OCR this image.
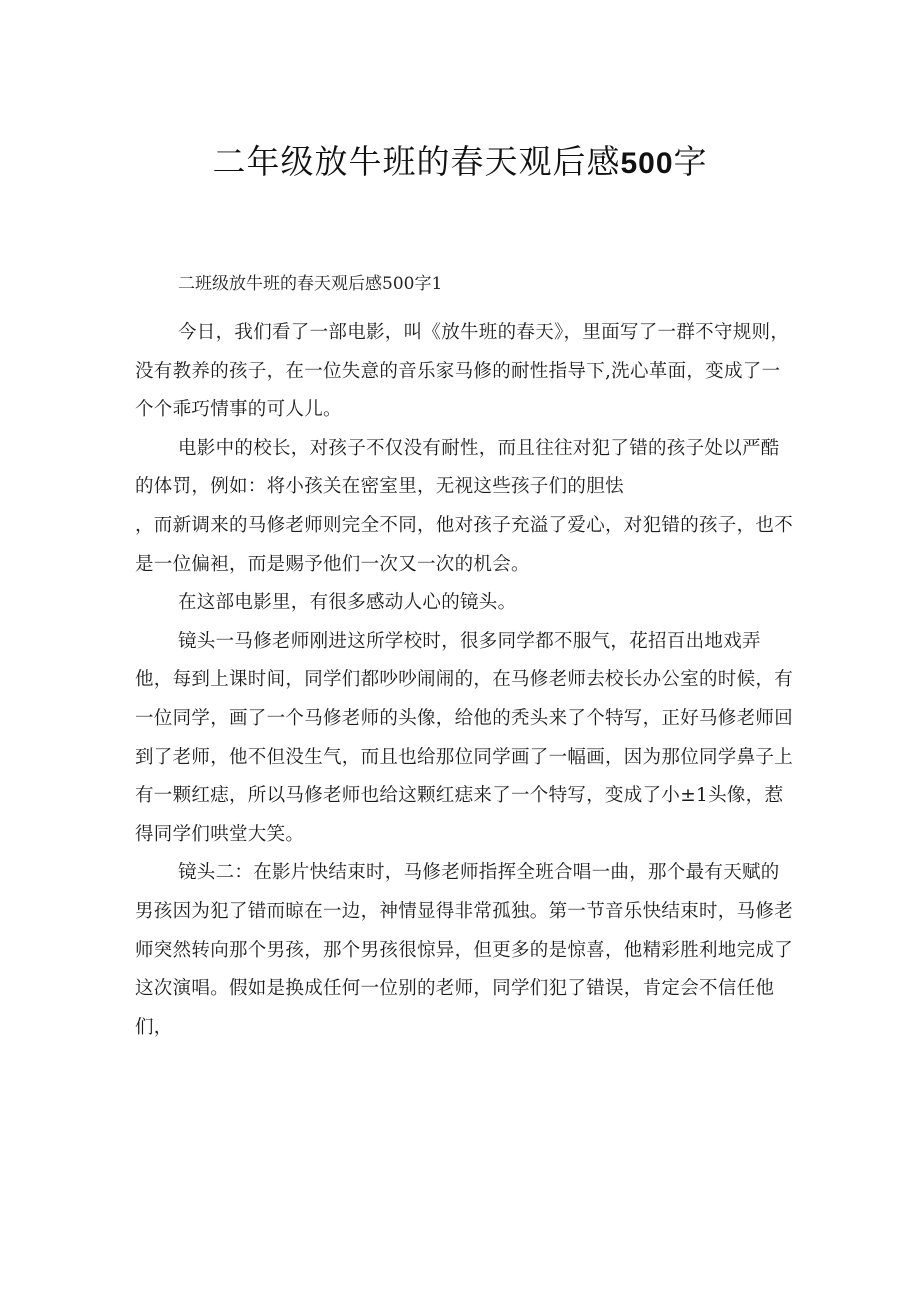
二年级放牛班的春天观后感500字
二班级放牛班的春天观后感500字1

今日，我们看了一部电影，叫《放牛班的春天》，里面写了一群不守规则，没有教养的孩子，在一位失意的音乐家马修的耐性指导下,洗心革面，变成了一个个乖巧情事的可人儿。

电影中的校长，对孩子不仅没有耐性，而且往往对犯了错的孩子处以严酷的体罚，例如：将小孩关在密室里，无视这些孩子们的胆怯

，而新调来的马修老师则完全不同，他对孩子充溢了爱心，对犯错的孩子，也不是一位偏袒，而是赐予他们一次又一次的机会。

在这部电影里，有很多感动人心的镜头。

镜头一马修老师刚进这所学校时，很多同学都不服气，花招百出地戏弄他，每到上课时间，同学们都吵吵闹闹的，在马修老师去校长办公室的时候，有一位同学，画了一个马修老师的头像，给他的秃头来了个特写，正好马修老师回到了老师，他不但没生气，而且也给那位同学画了一幅画，因为那位同学鼻子上有一颗红痣，所以马修老师也给这颗红痣来了一个特写，变成了小±1头像，惹得同学们哄堂大笑。

镜头二：在影片快结束时，马修老师指挥全班合唱一曲，那个最有天赋的男孩因为犯了错而晾在一边，神情显得非常孤独。第一节音乐快结束时，马修老师突然转向那个男孩，那个男孩很惊异，但更多的是惊喜，他精彩胜利地完成了这次演唱。假如是换成任何一位别的老师，同学们犯了错误，肯定会不信任他们，
